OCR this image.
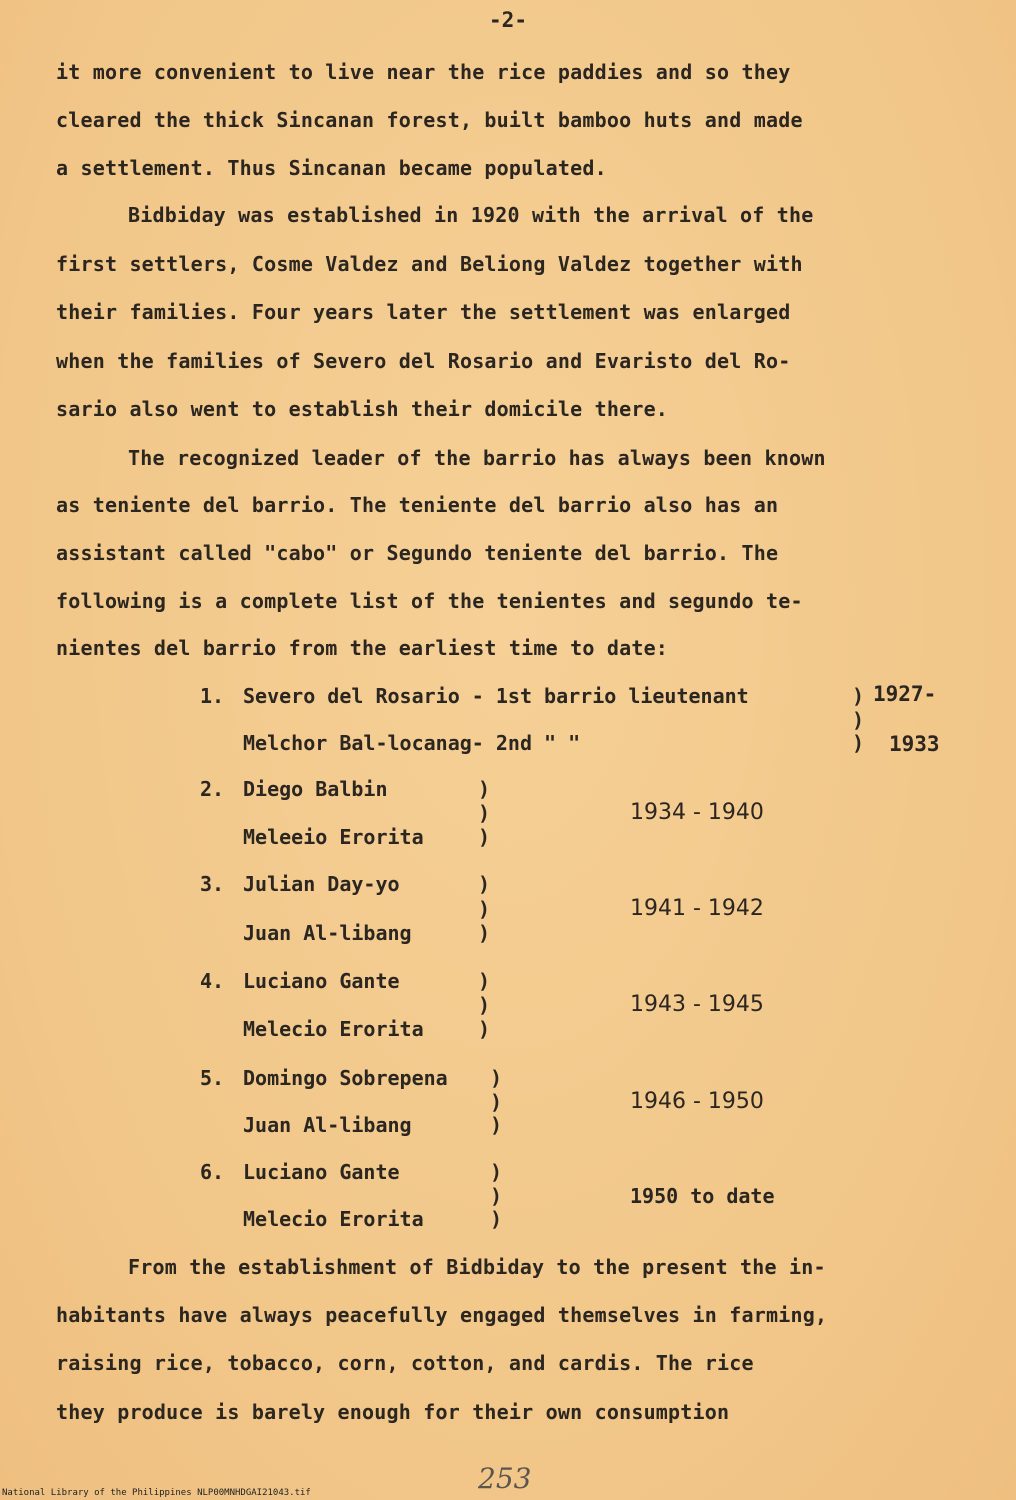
-2-
it more convenient to live near the rice paddies and so they
cleared the thick Sincanan forest, built bamboo huts and made
a settlement. Thus Sincanan became populated.
Bidbiday was established in 1920 with the arrival of the
first settlers, Cosme Valdez and Beliong Valdez together with
their families. Four years later the settlement was enlarged
when the families of Severo del Rosario and Evaristo del Ro-
sario also went to establish their domicile there.
The recognized leader of the barrio has always been known
as teniente del barrio. The teniente del barrio also has an
assistant called "cabo" or Segundo teniente del barrio. The
following is a complete list of the tenientes and segundo te-
nientes del barrio from the earliest time to date:
1. Severo del Rosario - 1st barrio lieutenant	) 1927-
)
Melchor Bal-locanag- 2nd " "	) 1933
2. Diego Balbin	)
)	1934 - 1940
Meleeio Erorita	)
3. Julian Day-yo	)
)	1941 - 1942
Juan Al-libang	)
4. Luciano Gante	)
)	1943 - 1945
Melecio Erorita	)
5. Domingo Sobrepena )
)	1946 - 1950
Juan Al-libang	)
6. Luciano Gante	)
)	1950 to date
Melecio Erorita	)
From the establishment of Bidbiday to the present the in-
habitants have always peacefully engaged themselves in farming,
raising rice, tobacco, corn, cotton, and cardis. The rice
they produce is barely enough for their own consumption
253
National Library of the Philippines NLP00MNHDGAI21043.tif
